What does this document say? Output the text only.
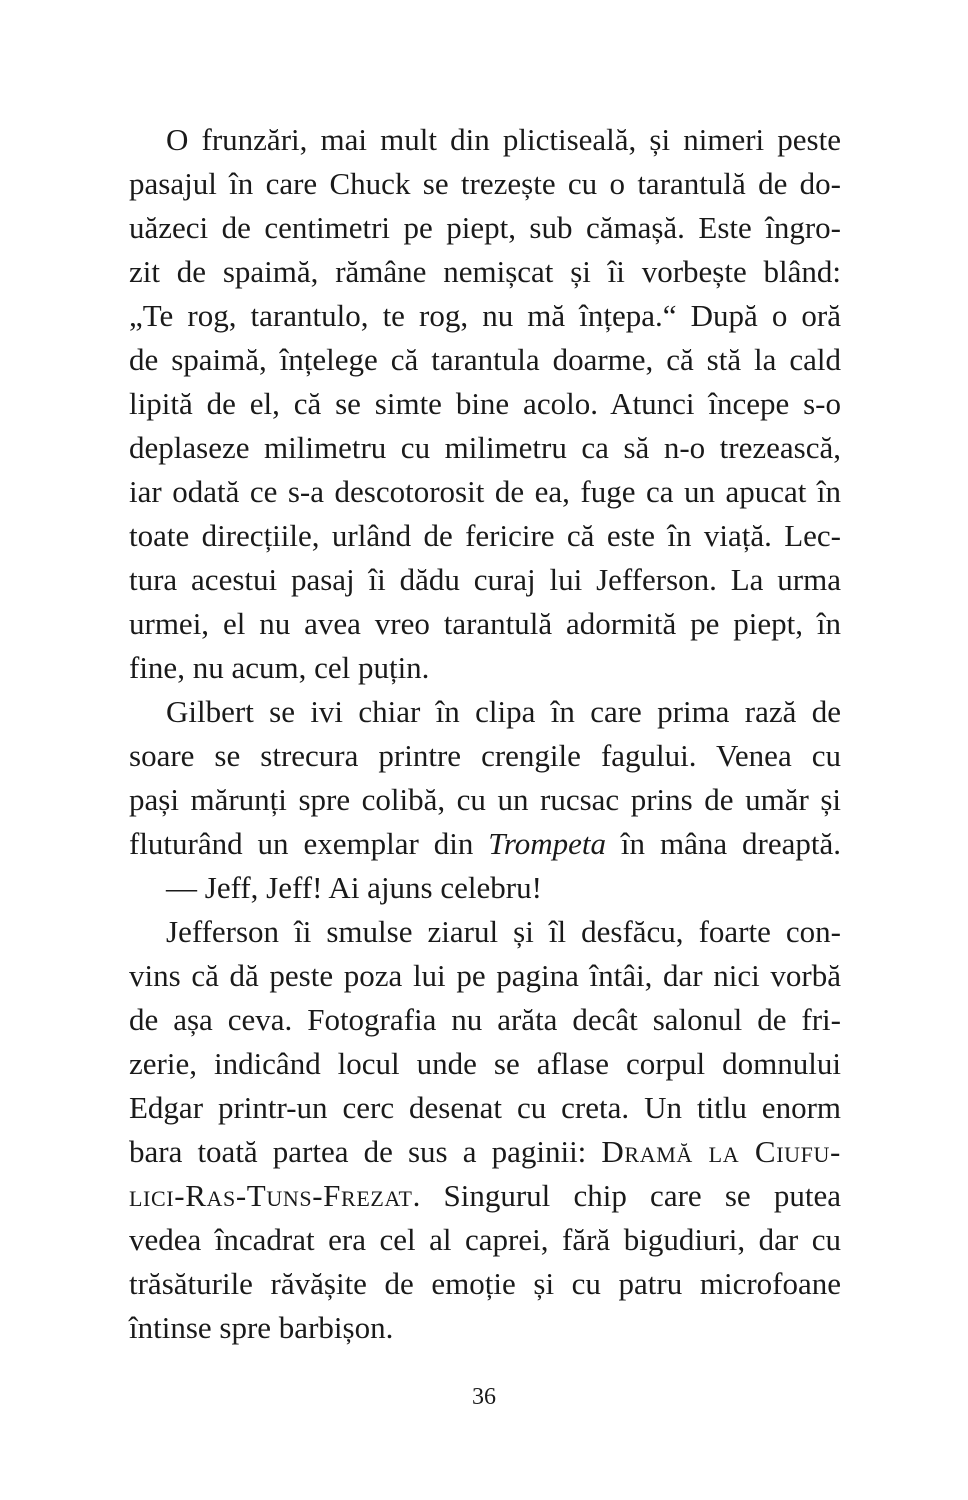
O frunzări, mai mult din plictiseală, și nimeri peste
pasajul în care Chuck se trezește cu o tarantulă de do-
uăzeci de centimetri pe piept, sub cămașă. Este îngro-
zit de spaimă, rămâne nemișcat și îi vorbește blând:
„Te rog, tarantulo, te rog, nu mă înțepa.“ După o oră
de spaimă, înțelege că tarantula doarme, că stă la cald
lipită de el, că se simte bine acolo. Atunci începe s-o
deplaseze milimetru cu milimetru ca să n-o trezească,
iar odată ce s-a descotorosit de ea, fuge ca un apucat în
toate direcțiile, urlând de fericire că este în viață. Lec-
tura acestui pasaj îi dădu curaj lui Jefferson. La urma
urmei, el nu avea vreo tarantulă adormită pe piept, în
fine, nu acum, cel puțin.
Gilbert se ivi chiar în clipa în care prima rază de
soare se strecura printre crengile fagului. Venea cu
pași mărunți spre colibă, cu un rucsac prins de umăr și
fluturând un exemplar din Trompeta în mâna dreaptă.
— Jeff, Jeff! Ai ajuns celebru!
Jefferson îi smulse ziarul și îl desfăcu, foarte con-
vins că dă peste poza lui pe pagina întâi, dar nici vorbă
de așa ceva. Fotografia nu arăta decât salonul de fri-
zerie, indicând locul unde se aflase corpul domnului
Edgar printr-un cerc desenat cu creta. Un titlu enorm
bara toată partea de sus a paginii: Dramă la Ciufu-
lici-Ras-Tuns-Frezat. Singurul chip care se putea
vedea încadrat era cel al caprei, fără bigudiuri, dar cu
trăsăturile răvășite de emoție și cu patru microfoane
întinse spre barbișon.
36
